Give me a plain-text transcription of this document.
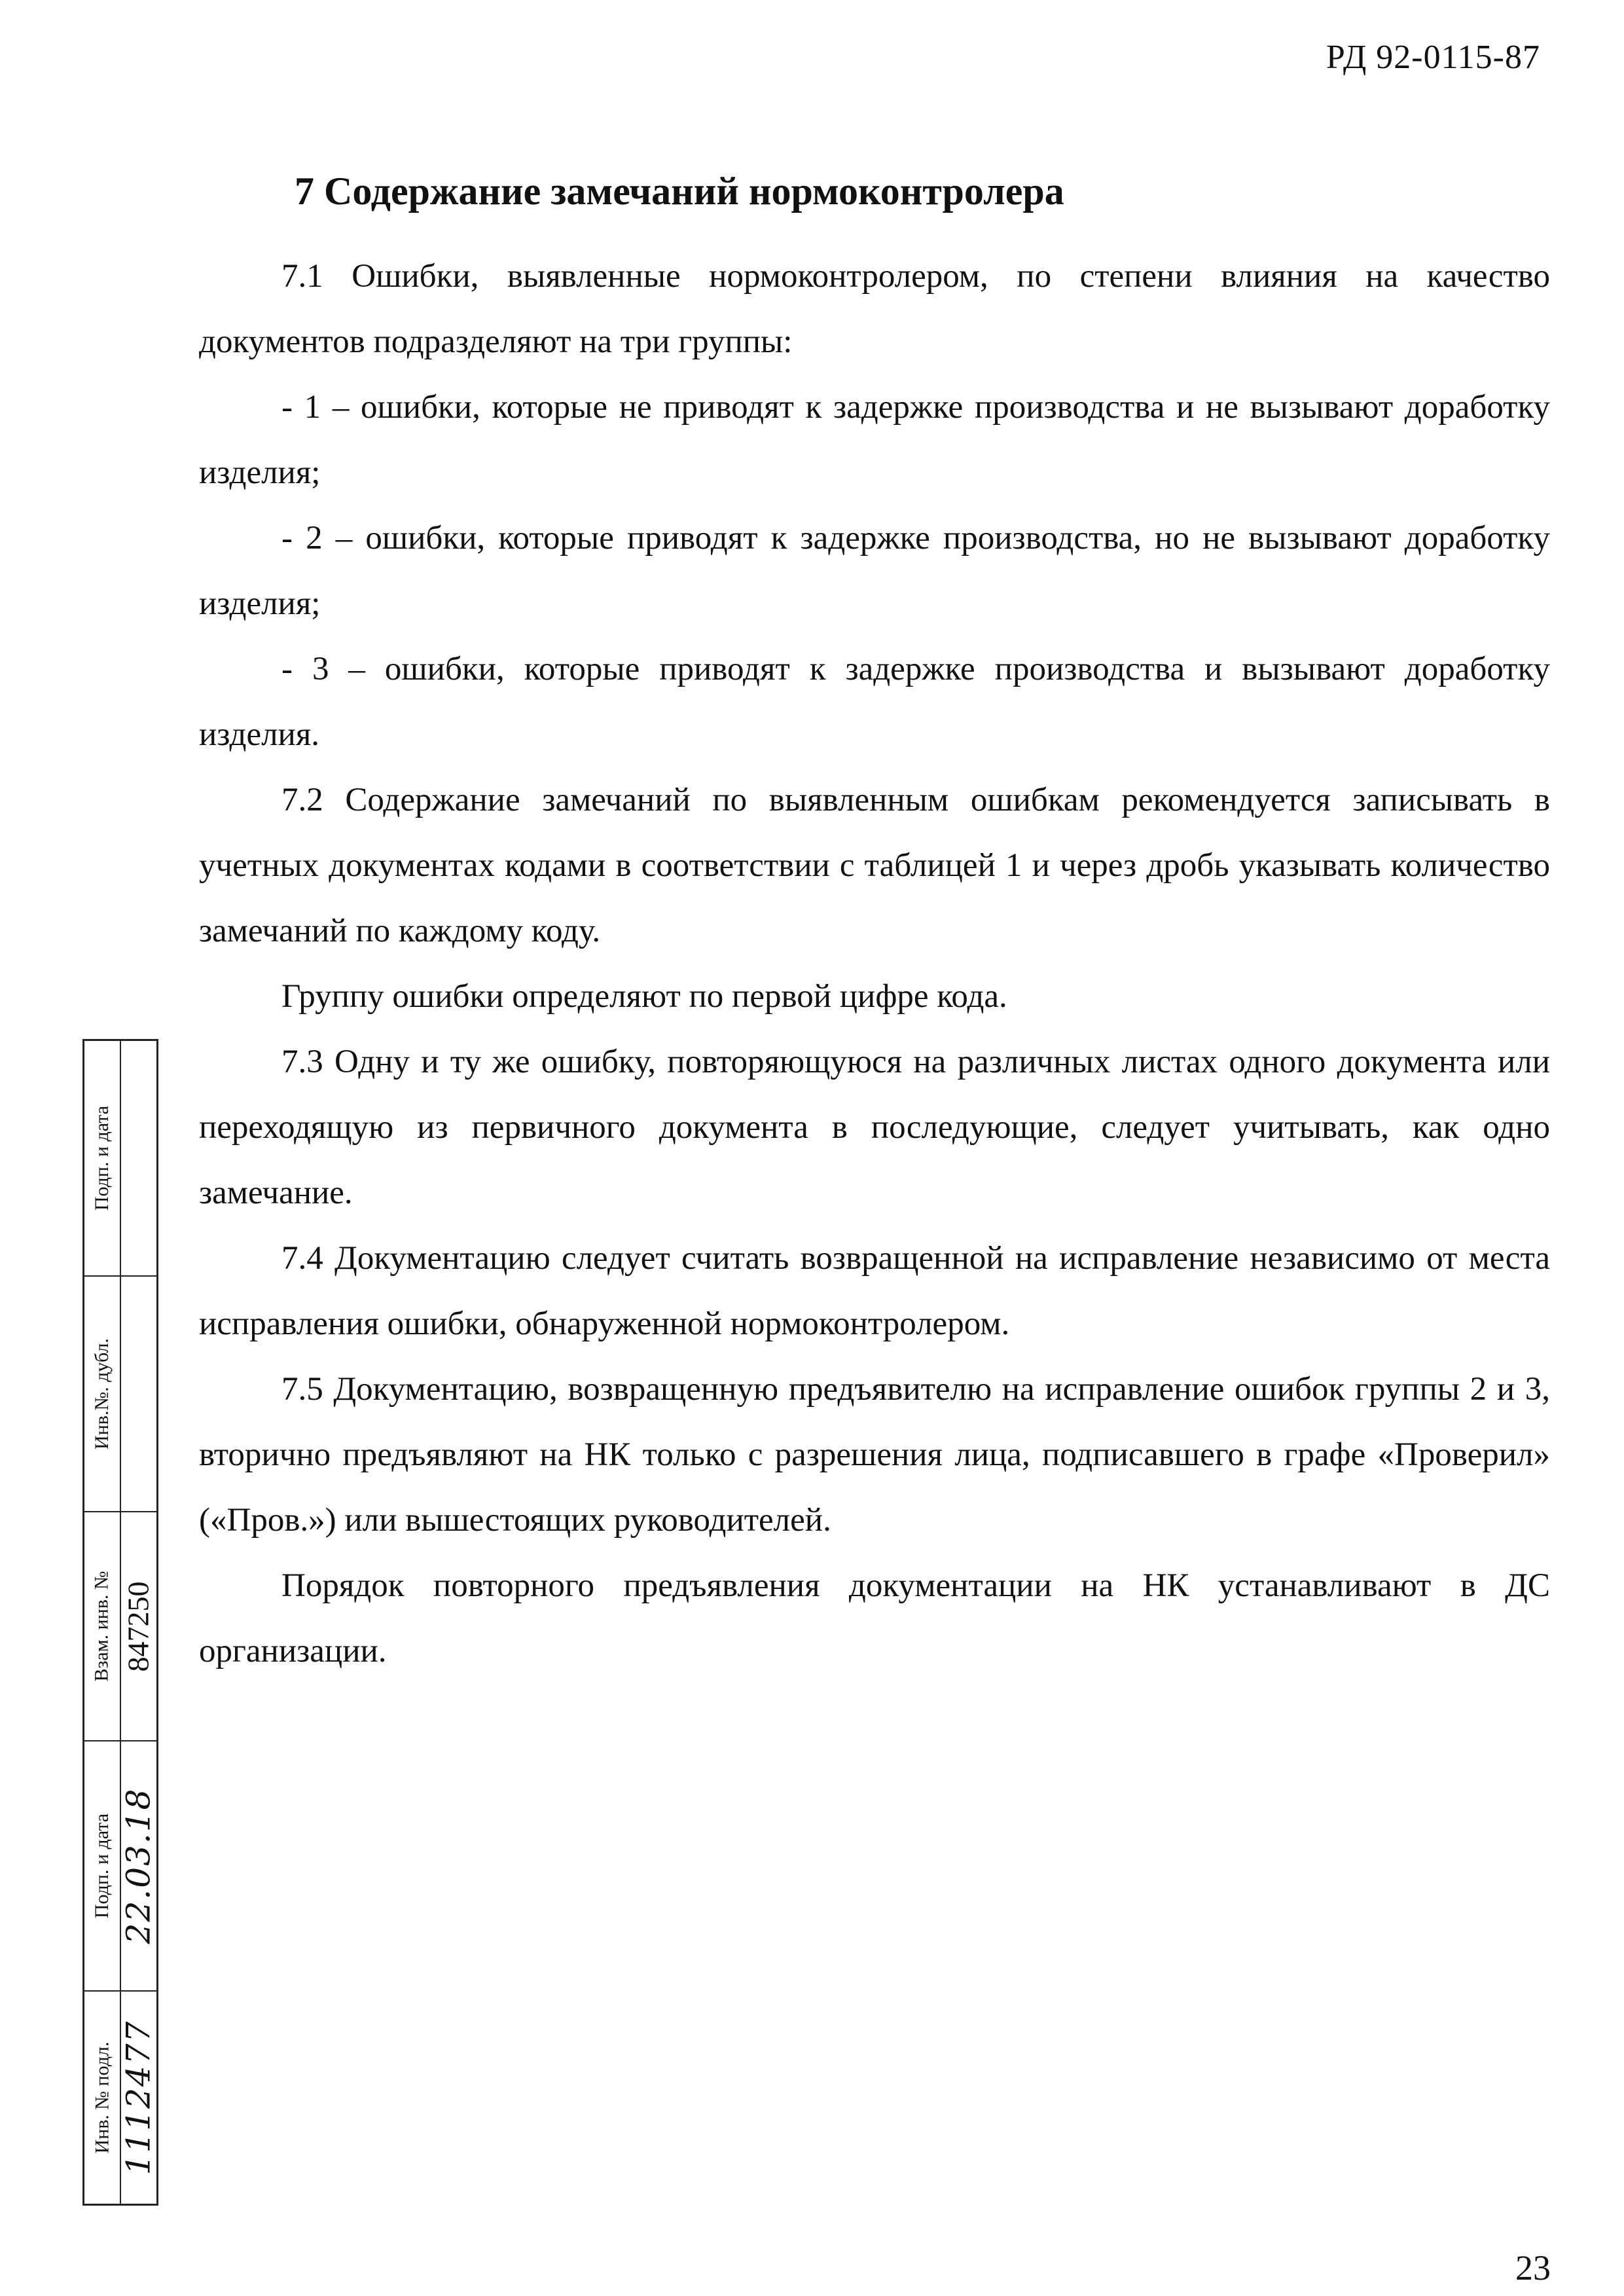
РД 92-0115-87
7 Содержание замечаний нормоконтролера

7.1 Ошибки, выявленные нормоконтролером, по степени влияния на качество документов подразделяют на три группы:

- 1 – ошибки, которые не приводят к задержке производства и не вызывают доработку изделия;

- 2 – ошибки, которые приводят к задержке производства, но не вызывают доработку изделия;

- 3 – ошибки, которые приводят к задержке производства и вызывают доработку изделия.

7.2 Содержание замечаний по выявленным ошибкам рекомендуется записывать в учетных документах кодами в соответствии с таблицей 1 и через дробь указывать количество замечаний по каждому коду.

Группу ошибки определяют по первой цифре кода.

7.3 Одну и ту же ошибку, повторяющуюся на различных листах одного документа или переходящую из первичного документа в последующие, следует учитывать, как одно замечание.

7.4 Документацию следует считать возвращенной на исправление независимо от места исправления ошибки, обнаруженной нормоконтролером.

7.5 Документацию, возвращенную предъявителю на исправление ошибок группы 2 и 3, вторично предъявляют на НК только с разрешения лица, подписавшего в графе «Проверил» («Пров.») или вышестоящих руководителей.

Порядок повторного предъявления документации на НК устанавливают в ДС организации.

Подп. и дата
Инв.№. дубл.
Взам. инв. № 847250
Подп. и дата 22.03.18
Инв. № подл. 1112477
23
